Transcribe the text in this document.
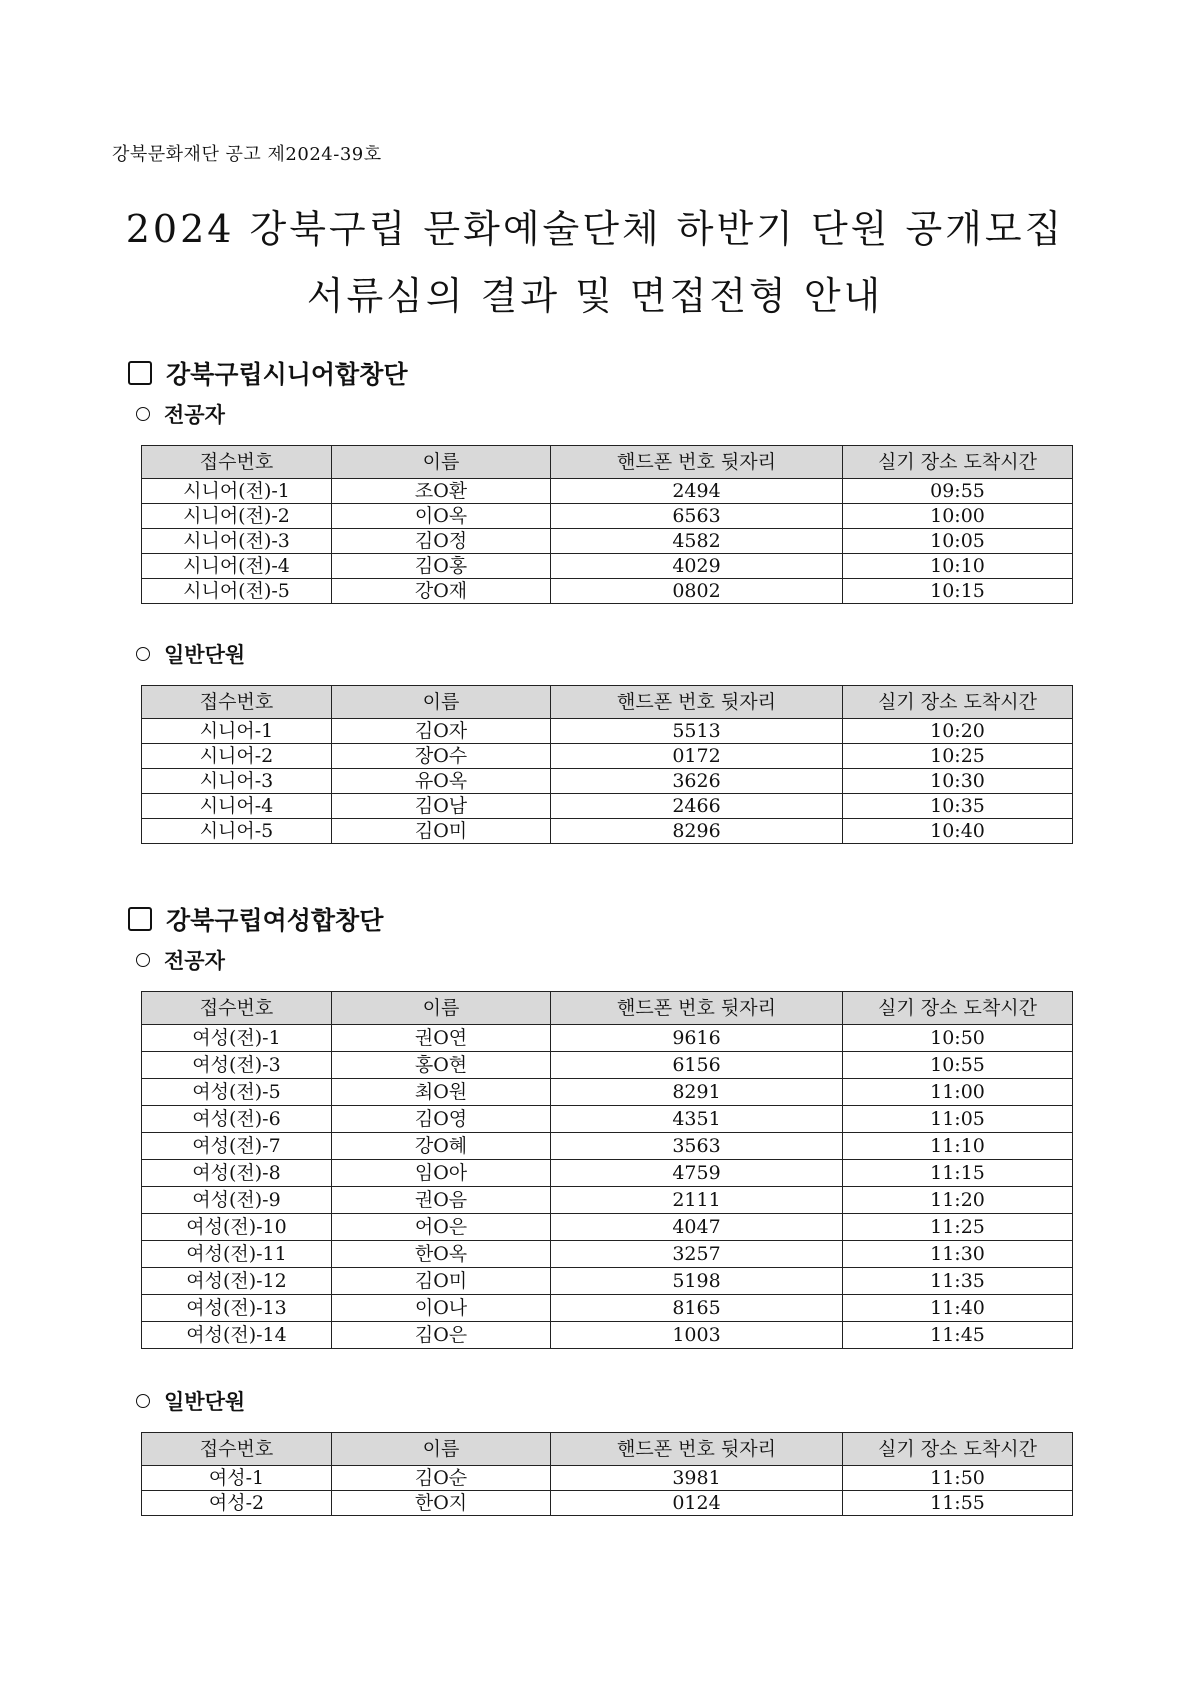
강북문화재단 공고 제2024-39호
2024 강북구립 문화예술단체 하반기 단원 공개모집
서류심의 결과 및 면접전형 안내
강북구립시니어합창단
전공자
접수번호	이름	핸드폰 번호 뒷자리	실기 장소 도착시간
시니어(전)-1	조O환	2494	09:55
시니어(전)-2	이O옥	6563	10:00
시니어(전)-3	김O정	4582	10:05
시니어(전)-4	김O홍	4029	10:10
시니어(전)-5	강O재	0802	10:15
일반단원
접수번호	이름	핸드폰 번호 뒷자리	실기 장소 도착시간
시니어-1	김O자	5513	10:20
시니어-2	장O수	0172	10:25
시니어-3	유O옥	3626	10:30
시니어-4	김O남	2466	10:35
시니어-5	김O미	8296	10:40
강북구립여성합창단
전공자
접수번호	이름	핸드폰 번호 뒷자리	실기 장소 도착시간
여성(전)-1	권O연	9616	10:50
여성(전)-3	홍O현	6156	10:55
여성(전)-5	최O원	8291	11:00
여성(전)-6	김O영	4351	11:05
여성(전)-7	강O혜	3563	11:10
여성(전)-8	임O아	4759	11:15
여성(전)-9	권O음	2111	11:20
여성(전)-10	어O은	4047	11:25
여성(전)-11	한O옥	3257	11:30
여성(전)-12	김O미	5198	11:35
여성(전)-13	이O나	8165	11:40
여성(전)-14	김O은	1003	11:45
일반단원
접수번호	이름	핸드폰 번호 뒷자리	실기 장소 도착시간
여성-1	김O순	3981	11:50
여성-2	한O지	0124	11:55
